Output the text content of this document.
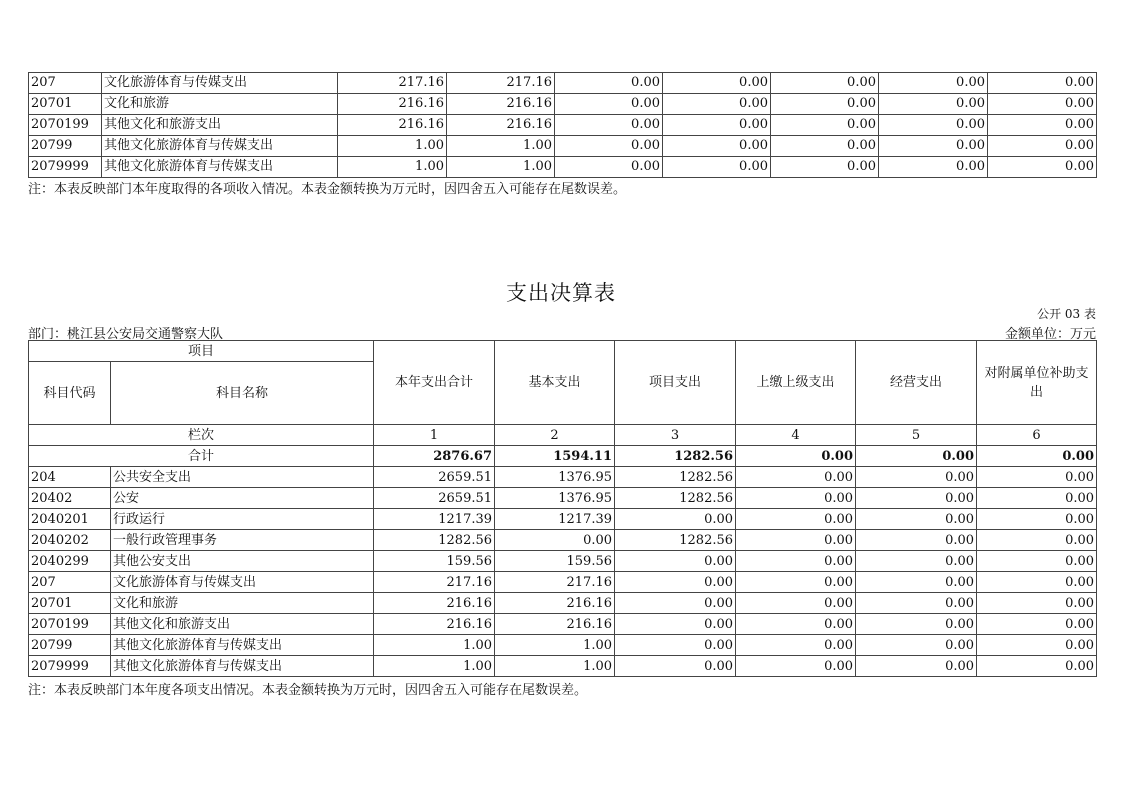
207	文化旅游体育与传媒支出	217.16	217.16	0.00	0.00	0.00	0.00	0.00
20701	文化和旅游	216.16	216.16	0.00	0.00	0.00	0.00	0.00
2070199	其他文化和旅游支出	216.16	216.16	0.00	0.00	0.00	0.00	0.00
20799	其他文化旅游体育与传媒支出	1.00	1.00	0.00	0.00	0.00	0.00	0.00
2079999	其他文化旅游体育与传媒支出	1.00	1.00	0.00	0.00	0.00	0.00	0.00
注：本表反映部门本年度取得的各项收入情况。本表金额转换为万元时，因四舍五入可能存在尾数误差。
支出决算表
公开 03 表
部门：桃江县公安局交通警察大队	金额单位：万元
项目		本年支出合计	基本支出	项目支出	上缴上级支出	经营支出	对附属单位补助支出
科目代码	科目名称						
栏次		1	2	3	4	5	6
合计		2876.67	1594.11	1282.56	0.00	0.00	0.00
204	公共安全支出	2659.51	1376.95	1282.56	0.00	0.00	0.00
20402	公安	2659.51	1376.95	1282.56	0.00	0.00	0.00
2040201	行政运行	1217.39	1217.39	0.00	0.00	0.00	0.00
2040202	一般行政管理事务	1282.56	0.00	1282.56	0.00	0.00	0.00
2040299	其他公安支出	159.56	159.56	0.00	0.00	0.00	0.00
207	文化旅游体育与传媒支出	217.16	217.16	0.00	0.00	0.00	0.00
20701	文化和旅游	216.16	216.16	0.00	0.00	0.00	0.00
2070199	其他文化和旅游支出	216.16	216.16	0.00	0.00	0.00	0.00
20799	其他文化旅游体育与传媒支出	1.00	1.00	0.00	0.00	0.00	0.00
2079999	其他文化旅游体育与传媒支出	1.00	1.00	0.00	0.00	0.00	0.00
注：本表反映部门本年度各项支出情况。本表金额转换为万元时，因四舍五入可能存在尾数误差。
